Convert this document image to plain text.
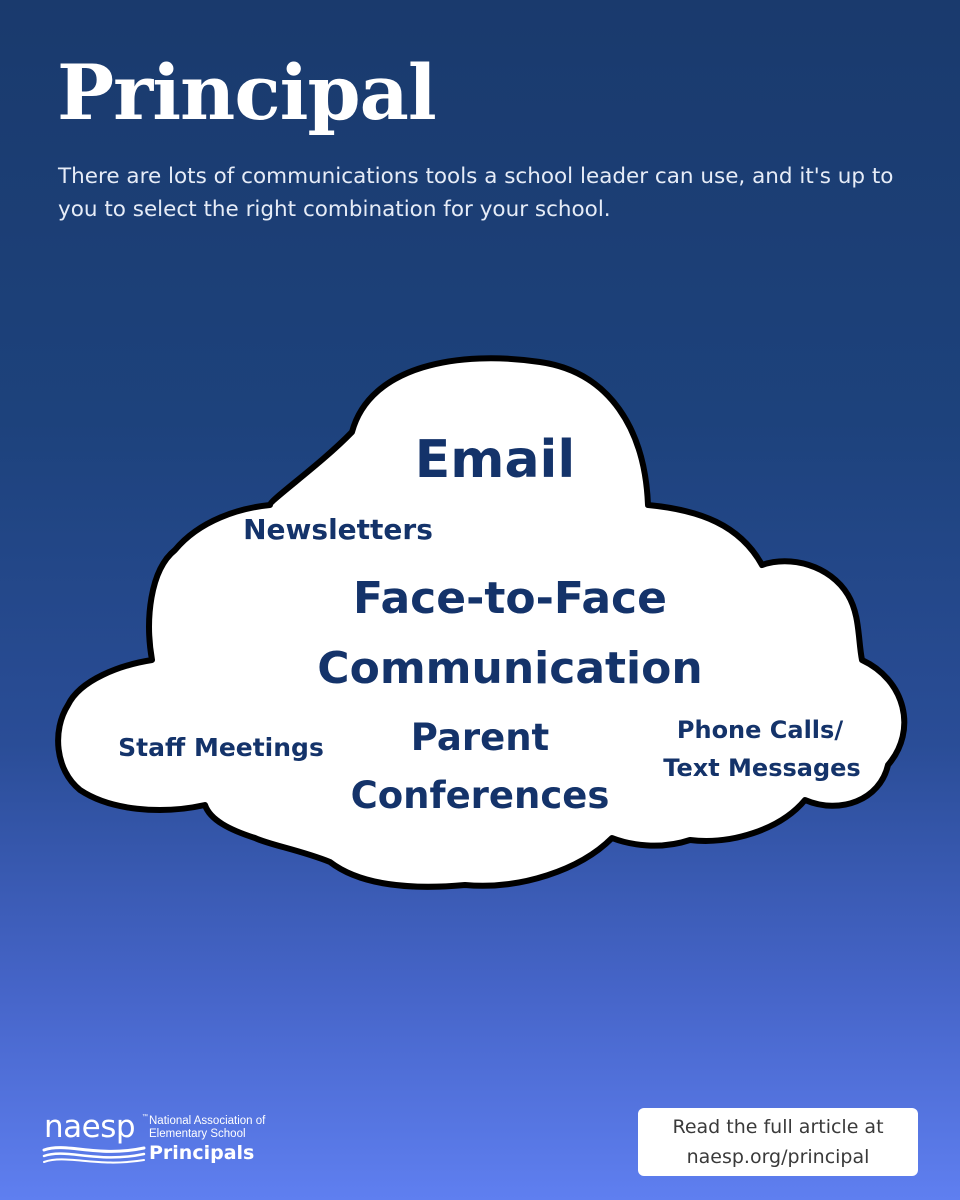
Principal

There are lots of communications tools a school leader can use, and it's up to you to select the right combination for your school.

Email
Newsletters
Face-to-Face
Communication
Staff Meetings	Parent
Conferences
Phone Calls/
Text Messages
naesp ™ National Association of
Elementary School
Principals
Read the full article at
naesp.org/principal
